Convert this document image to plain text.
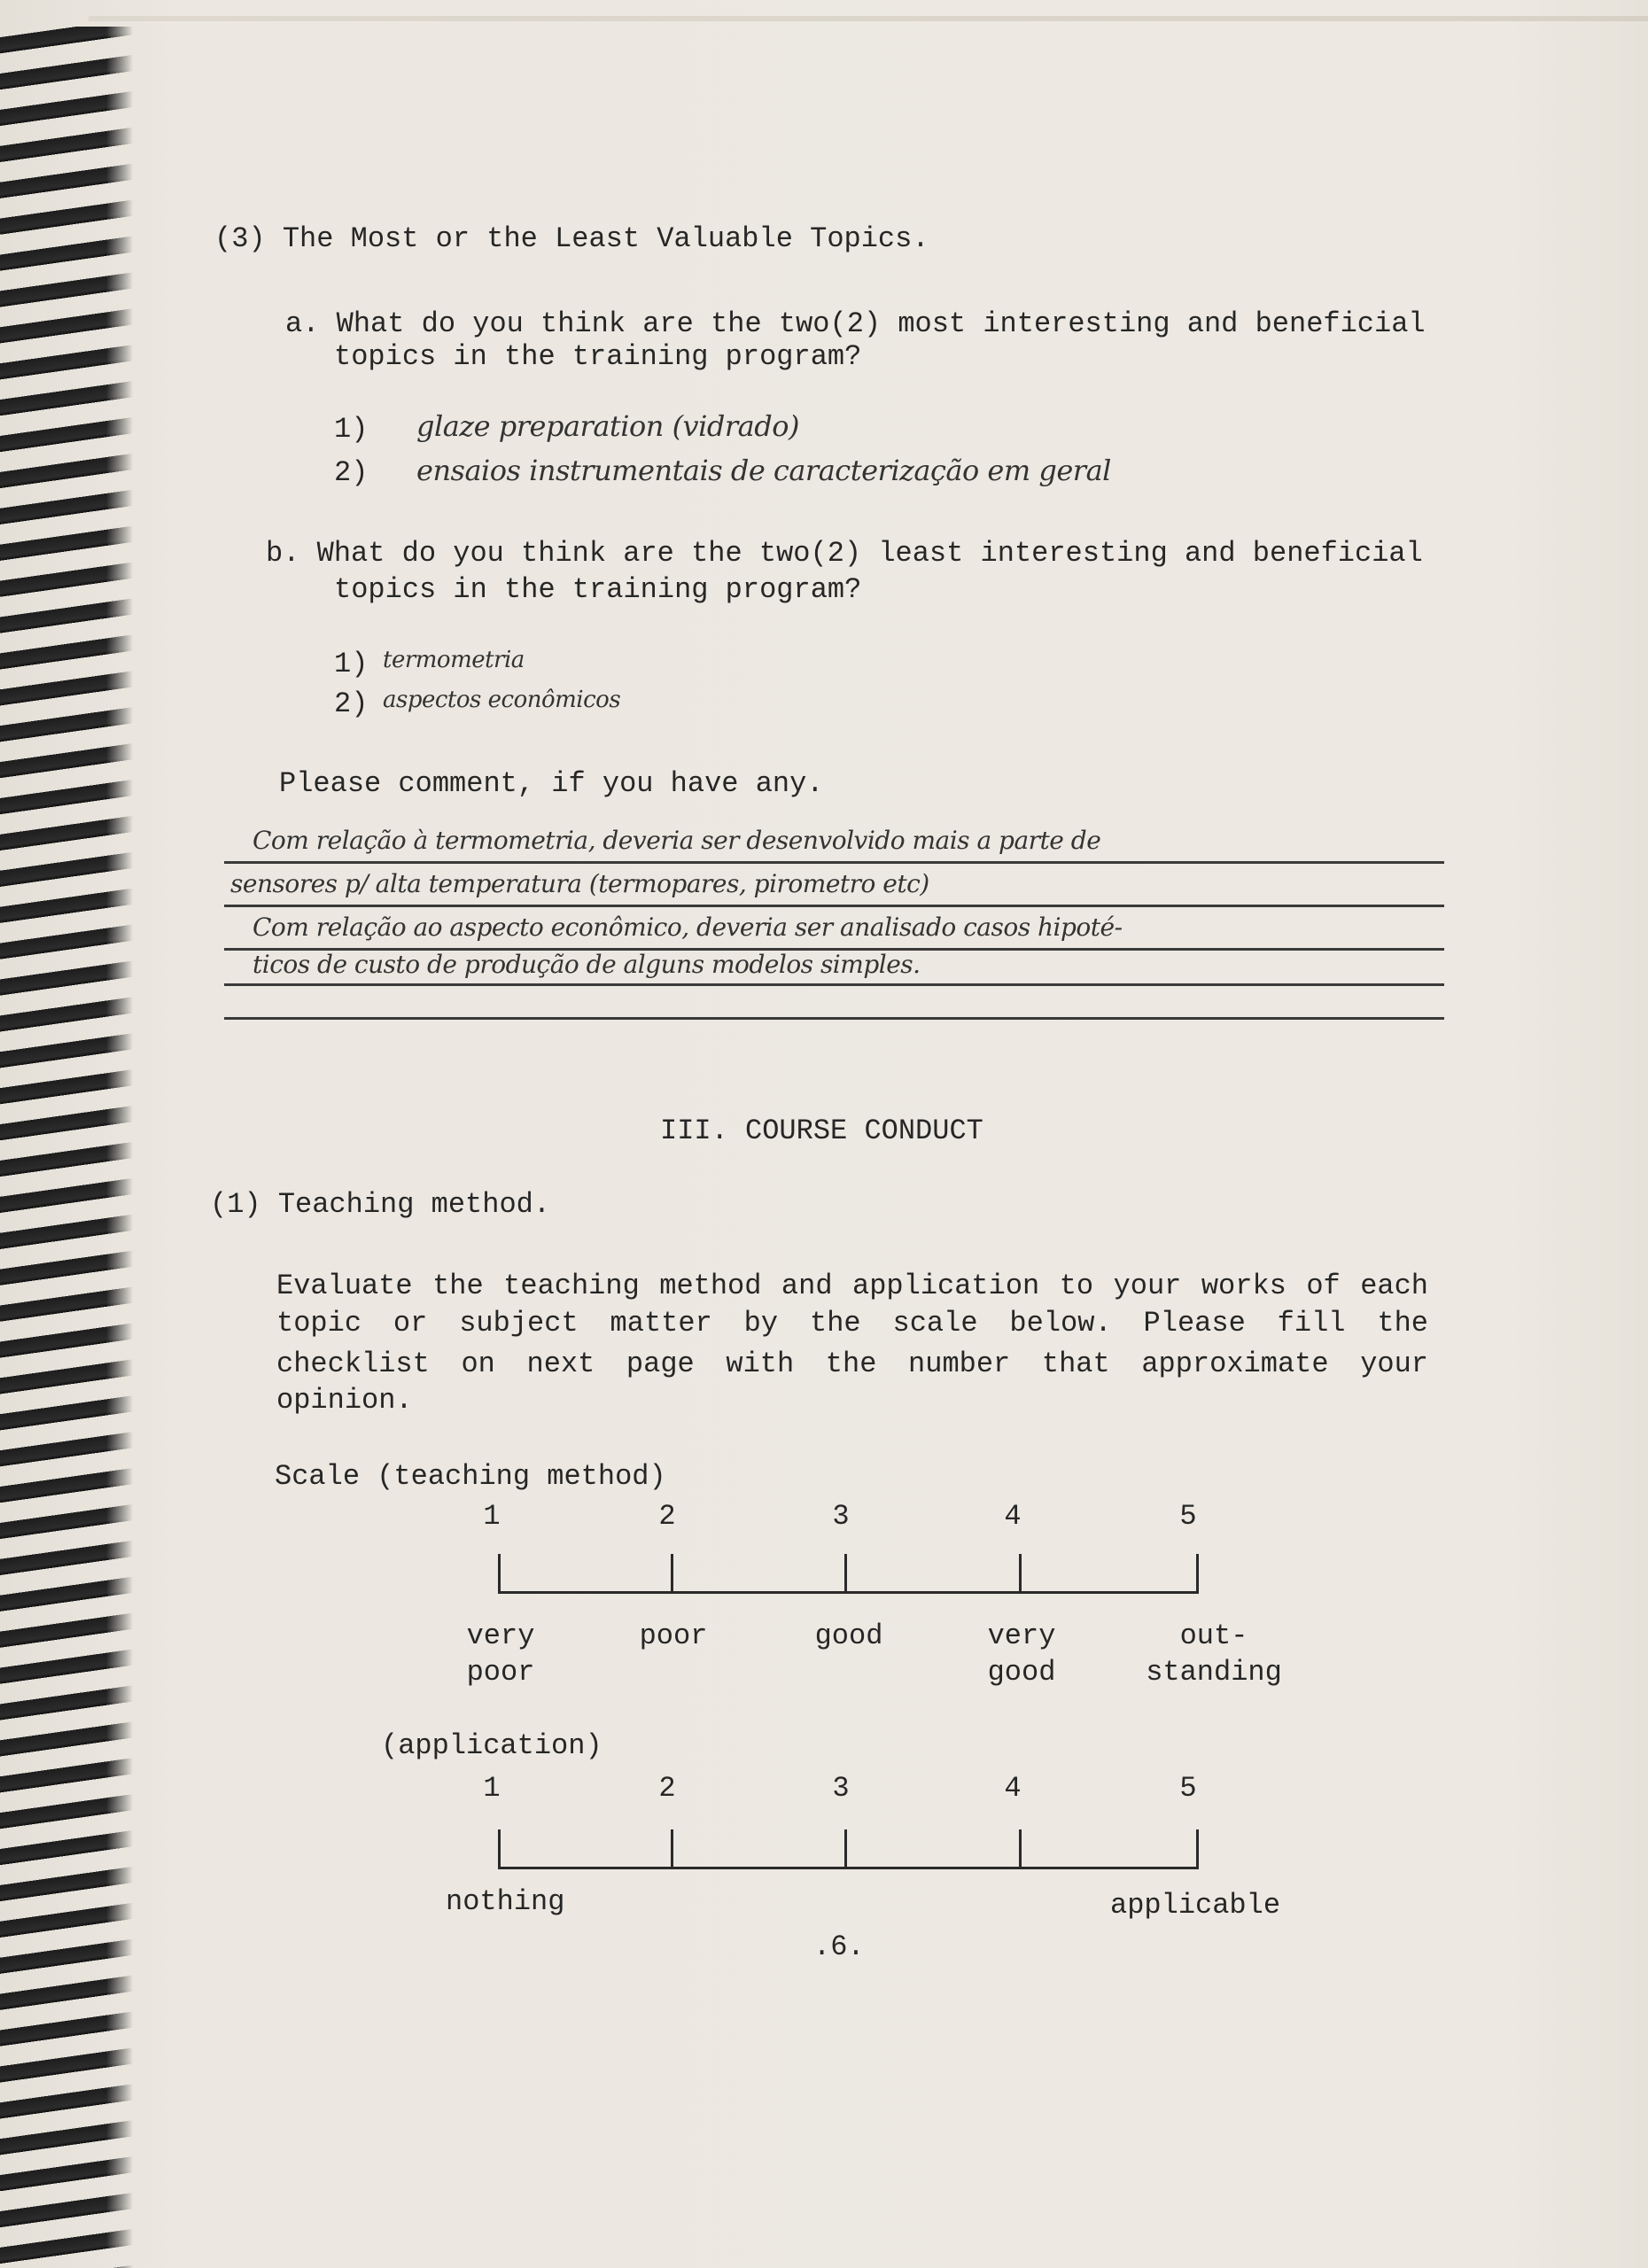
(3) The Most or the Least Valuable Topics.
a. What do you think are the two(2) most interesting and beneficial
topics in the training program?
1) glaze preparation (vidrado)
2) ensaios instrumentais de caracterização em geral
b. What do you think are the two(2) least interesting and beneficial
topics in the training program?
1) termometria
2) aspectos econômicos
Please comment, if you have any.
Com relação à termometria, deveria ser desenvolvido mais a parte de
sensores p/ alta temperatura (termopares, pirometro etc)
Com relação ao aspecto econômico, deveria ser analisado casos hipoté-
ticos de custo de produção de alguns modelos simples.
III. COURSE CONDUCT
(1) Teaching method.
Evaluate the teaching method and application to your works of each
topic or subject matter by the scale below. Please fill the
checklist on next page with the number that approximate your
opinion.
Scale (teaching method)
1	2	3	4	5
very
poor
poor	good	very
good
out-
standing
(application)
1	2	3	4	5
nothing	applicable
.6.
